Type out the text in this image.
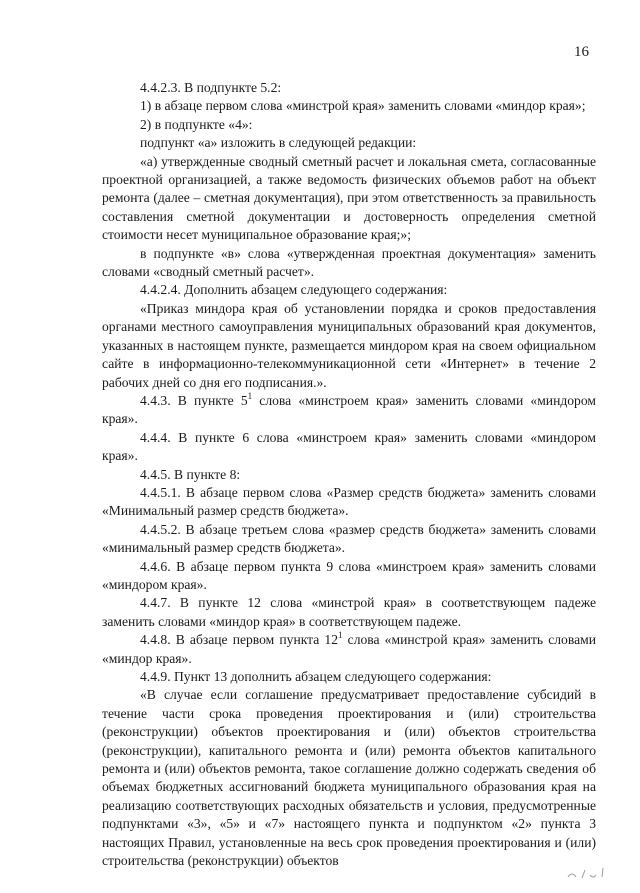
16

4.4.2.3. В подпункте 5.2:

1) в абзаце первом слова «минстрой края» заменить словами «миндор края»;

2) в подпункте «4»:

подпункт «а» изложить в следующей редакции:

«а) утвержденные сводный сметный расчет и локальная смета, согласованные проектной организацией, а также ведомость физических объемов работ на объект ремонта (далее – сметная документация), при этом ответственность за правильность составления сметной документации и достоверность определения сметной стоимости несет муниципальное образование края;»;

в подпункте «в» слова «утвержденная проектная документация» заменить словами «сводный сметный расчет».

4.4.2.4. Дополнить абзацем следующего содержания:

«Приказ миндора края об установлении порядка и сроков предоставления органами местного самоуправления муниципальных образований края документов, указанных в настоящем пункте, размещается миндором края на своем официальном сайте в информационно-телекоммуникационной сети «Интернет» в течение 2 рабочих дней со дня его подписания.».

4.4.3. В пункте $5^1$ слова «минстроем края» заменить словами «миндором края».

4.4.4. В пункте 6 слова «минстроем края» заменить словами «миндором края».

4.4.5. В пункте 8:

4.4.5.1. В абзаце первом слова «Размер средств бюджета» заменить словами «Минимальный размер средств бюджета».

4.4.5.2. В абзаце третьем слова «размер средств бюджета» заменить словами «минимальный размер средств бюджета».

4.4.6. В абзаце первом пункта 9 слова «минстроем края» заменить словами «миндором края».

4.4.7. В пункте 12 слова «минстрой края» в соответствующем падеже заменить словами «миндор края» в соответствующем падеже.

4.4.8. В абзаце первом пункта $12^1$ слова «минстрой края» заменить словами «миндор края».

4.4.9. Пункт 13 дополнить абзацем следующего содержания:

«В случае если соглашение предусматривает предоставление субсидий в течение части срока проведения проектирования и (или) строительства (реконструкции) объектов проектирования и (или) объектов строительства (реконструкции), капитального ремонта и (или) ремонта объектов капитального ремонта и (или) объектов ремонта, такое соглашение должно содержать сведения об объемах бюджетных ассигнований бюджета муниципального образования края на реализацию соответствующих расходных обязательств и условия, предусмотренные подпунктами «3», «5» и «7» настоящего пункта и подпунктом «2» пункта 3 настоящих Правил, установленные на весь срок проведения проектирования и (или) строительства (реконструкции) объектов
